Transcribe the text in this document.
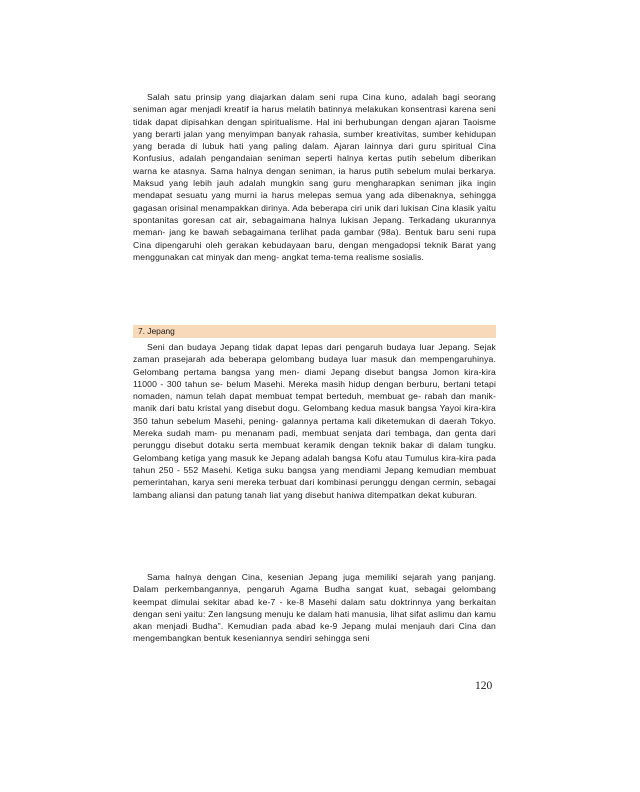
Salah satu prinsip yang diajarkan dalam seni rupa Cina kuno, adalah bagi seorang seniman agar menjadi kreatif ia harus melatih batinnya melakukan konsentrasi karena seni tidak dapat dipisahkan dengan spiritualisme. Hal ini berhubungan dengan ajaran Taoisme yang berarti jalan yang menyimpan banyak rahasia, sumber kreativitas, sumber kehidupan yang berada di lubuk hati yang paling dalam. Ajaran lainnya dari guru spiritual Cina Konfusius, adalah pengandaian seniman seperti halnya kertas putih sebelum diberikan warna ke atasnya. Sama halnya dengan seniman, ia harus putih sebelum mulai berkarya. Maksud yang lebih jauh adalah mungkin sang guru mengharapkan seniman jika ingin mendapat sesuatu yang murni ia harus melepas semua yang ada dibenaknya, sehingga gagasan orisinal menampakkan dirinya. Ada beberapa ciri unik dari lukisan Cina klasik yaitu spontanitas goresan cat air, sebagaimana halnya lukisan Jepang. Terkadang ukurannya meman- jang ke bawah sebagaimana terlihat pada gambar (98a). Bentuk baru seni rupa Cina dipengaruhi oleh gerakan kebudayaan baru, dengan mengadopsi teknik Barat yang menggunakan cat minyak dan meng- angkat tema-tema realisme sosialis.

7. Jepang

Seni dan budaya Jepang tidak dapat lepas dari pengaruh budaya luar Jepang. Sejak zaman prasejarah ada beberapa gelombang budaya luar masuk dan mempengaruhinya. Gelombang pertama bangsa yang men- diami Jepang disebut bangsa Jomon kira-kira 11000 - 300 tahun se- belum Masehi. Mereka masih hidup dengan berburu, bertani tetapi nomaden, namun telah dapat membuat tempat berteduh, membuat ge- rabah dan manik-manik dari batu kristal yang disebut dogu. Gelombang kedua masuk bangsa Yayoi kira-kira 350 tahun sebelum Masehi, pening- galannya pertama kali diketemukan di daerah Tokyo. Mereka sudah mam- pu menanam padi, membuat senjata dari tembaga, dan genta dari perunggu disebut dotaku serta membuat keramik dengan teknik bakar di dalam tungku. Gelombang ketiga yang masuk ke Jepang adalah bangsa Kofu atau Tumulus kira-kira pada tahun 250 - 552 Masehi. Ketiga suku bangsa yang mendiami Jepang kemudian membuat pemerintahan, karya seni mereka terbuat dari kombinasi perunggu dengan cermin, sebagai lambang aliansi dan patung tanah liat yang disebut haniwa ditempatkan dekat kuburan.

Sama halnya dengan Cina, kesenian Jepang juga memiliki sejarah yang panjang. Dalam perkembangannya, pengaruh Agama Budha sangat kuat, sebagai gelombang keempat dimulai sekitar abad ke-7 - ke-8 Masehi dalam satu doktrinnya yang berkaitan dengan seni yaitu: Zen langsung menuju ke dalam hati manusia, lihat sifat aslimu dan kamu akan menjadi Budha". Kemudian pada abad ke-9 Jepang mulai menjauh dari Cina dan mengembangkan bentuk keseniannya sendiri sehingga seni

120
